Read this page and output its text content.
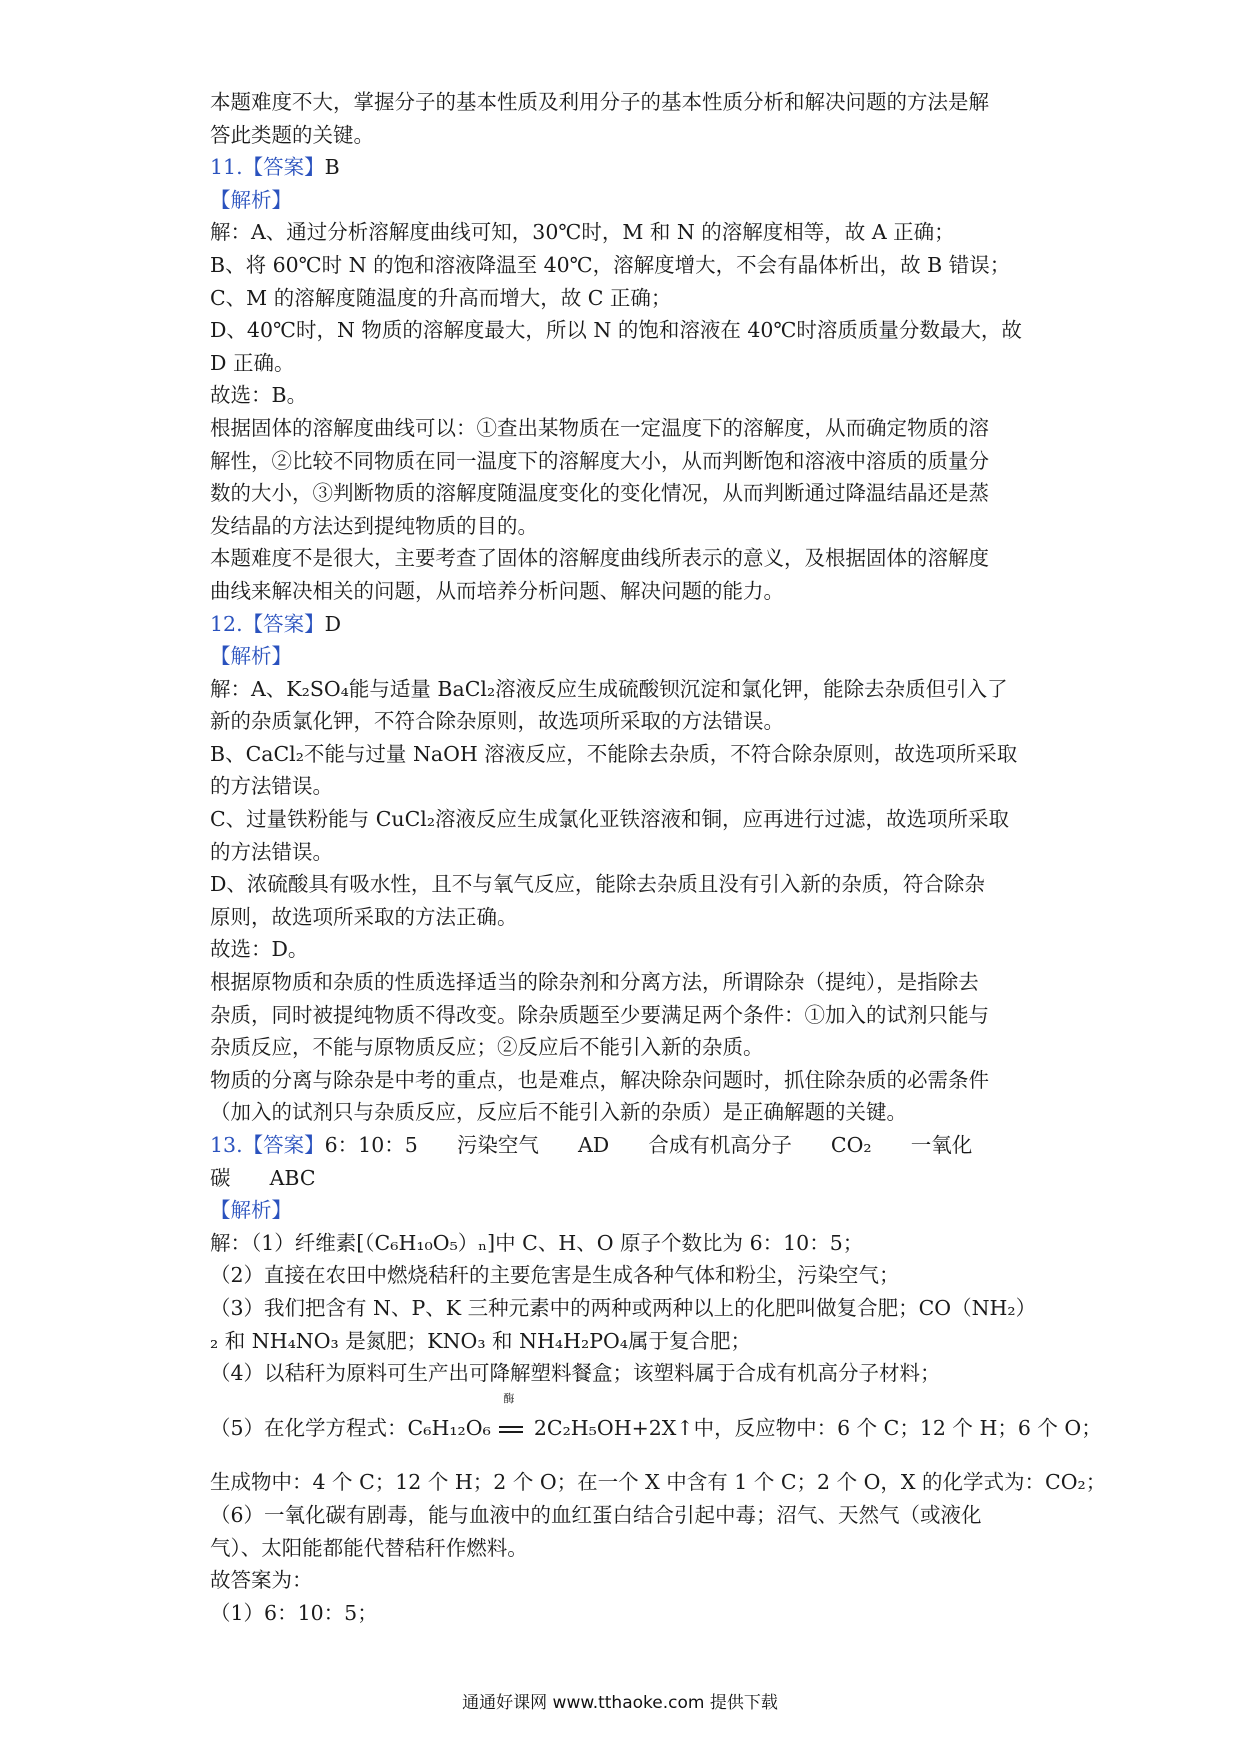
本题难度不大，掌握分子的基本性质及利用分子的基本性质分析和解决问题的方法是解
答此类题的关键。
11.【答案】B
【解析】
解：A、通过分析溶解度曲线可知，30℃时，M 和 N 的溶解度相等，故 A 正确；
B、将 60℃时 N 的饱和溶液降温至 40℃，溶解度增大，不会有晶体析出，故 B 错误；
C、M 的溶解度随温度的升高而增大，故 C 正确；
D、40℃时，N 物质的溶解度最大，所以 N 的饱和溶液在 40℃时溶质质量分数最大，故
D 正确。
故选：B。
根据固体的溶解度曲线可以：①查出某物质在一定温度下的溶解度，从而确定物质的溶
解性，②比较不同物质在同一温度下的溶解度大小，从而判断饱和溶液中溶质的质量分
数的大小，③判断物质的溶解度随温度变化的变化情况，从而判断通过降温结晶还是蒸
发结晶的方法达到提纯物质的目的。
本题难度不是很大，主要考查了固体的溶解度曲线所表示的意义，及根据固体的溶解度
曲线来解决相关的问题，从而培养分析问题、解决问题的能力。
12.【答案】D
【解析】
解：A、K₂SO₄能与适量 BaCl₂溶液反应生成硫酸钡沉淀和氯化钾，能除去杂质但引入了
新的杂质氯化钾，不符合除杂原则，故选项所采取的方法错误。
B、CaCl₂不能与过量 NaOH 溶液反应，不能除去杂质，不符合除杂原则，故选项所采取
的方法错误。
C、过量铁粉能与 CuCl₂溶液反应生成氯化亚铁溶液和铜，应再进行过滤，故选项所采取
的方法错误。
D、浓硫酸具有吸水性，且不与氧气反应，能除去杂质且没有引入新的杂质，符合除杂
原则，故选项所采取的方法正确。
故选：D。
根据原物质和杂质的性质选择适当的除杂剂和分离方法，所谓除杂（提纯），是指除去
杂质，同时被提纯物质不得改变。除杂质题至少要满足两个条件：①加入的试剂只能与
杂质反应，不能与原物质反应；②反应后不能引入新的杂质。
物质的分离与除杂是中考的重点，也是难点，解决除杂问题时，抓住除杂质的必需条件
（加入的试剂只与杂质反应，反应后不能引入新的杂质）是正确解题的关键。
13.【答案】6：10：5      污染空气      AD      合成有机高分子      CO₂      一氧化
碳      ABC
【解析】
解：（1）纤维素[（C₆H₁₀O₅）ₙ]中 C、H、O 原子个数比为 6：10：5；
（2）直接在农田中燃烧秸秆的主要危害是生成各种气体和粉尘，污染空气；
（3）我们把含有 N、P、K 三种元素中的两种或两种以上的化肥叫做复合肥；CO（NH₂）
₂ 和 NH₄NO₃ 是氮肥；KNO₃ 和 NH₄H₂PO₄属于复合肥；
（4）以秸秆为原料可生产出可降解塑料餐盒；该塑料属于合成有机高分子材料；
（5）在化学方程式：C₆H₁₂O₆
酶
2C₂H₅OH+2X↑中，反应物中：6 个 C；12 个 H；6 个 O；
生成物中：4 个 C；12 个 H；2 个 O；在一个 X 中含有 1 个 C；2 个 O，X 的化学式为：CO₂；
（6）一氧化碳有剧毒，能与血液中的血红蛋白结合引起中毒；沼气、天然气（或液化
气）、太阳能都能代替秸秆作燃料。
故答案为：
（1）6：10：5；
通通好课网 www.tthaoke.com 提供下载
